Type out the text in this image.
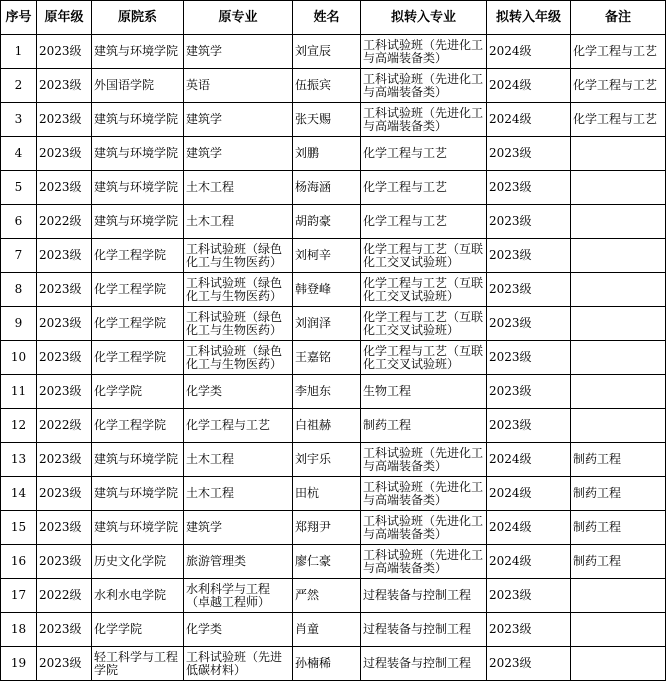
序号	原年级	原院系	原专业	姓名	拟转入专业	拟转入年级	备注
1	2023级	建筑与环境学院	建筑学	刘宣辰	工科试验班（先进化工与高端装备类）	2024级	化学工程与工艺
2	2023级	外国语学院	英语	伍振宾	工科试验班（先进化工与高端装备类）	2024级	化学工程与工艺
3	2023级	建筑与环境学院	建筑学	张天赐	工科试验班（先进化工与高端装备类）	2024级	化学工程与工艺
4	2023级	建筑与环境学院	建筑学	刘鹏	化学工程与工艺	2023级	
5	2023级	建筑与环境学院	土木工程	杨海涵	化学工程与工艺	2023级	
6	2022级	建筑与环境学院	土木工程	胡韵豪	化学工程与工艺	2023级	
7	2023级	化学工程学院	工科试验班（绿色化工与生物医药）	刘柯辛	化学工程与工艺（互联化工交叉试验班）	2023级	
8	2023级	化学工程学院	工科试验班（绿色化工与生物医药）	韩登峰	化学工程与工艺（互联化工交叉试验班）	2023级	
9	2023级	化学工程学院	工科试验班（绿色化工与生物医药）	刘润泽	化学工程与工艺（互联化工交叉试验班）	2023级	
10	2023级	化学工程学院	工科试验班（绿色化工与生物医药）	王嘉铭	化学工程与工艺（互联化工交叉试验班）	2023级	
11	2023级	化学学院	化学类	李旭东	生物工程	2023级	
12	2022级	化学工程学院	化学工程与工艺	白祖赫	制药工程	2023级	
13	2023级	建筑与环境学院	土木工程	刘宇乐	工科试验班（先进化工与高端装备类）	2024级	制药工程
14	2023级	建筑与环境学院	土木工程	田杭	工科试验班（先进化工与高端装备类）	2024级	制药工程
15	2023级	建筑与环境学院	建筑学	郑翔尹	工科试验班（先进化工与高端装备类）	2024级	制药工程
16	2023级	历史文化学院	旅游管理类	廖仁豪	工科试验班（先进化工与高端装备类）	2024级	制药工程
17	2022级	水利水电学院	水利科学与工程（卓越工程师）	严然	过程装备与控制工程	2023级	
18	2023级	化学学院	化学类	肖童	过程装备与控制工程	2023级	
19	2023级	轻工科学与工程学院	工科试验班（先进低碳材料）	孙楠稀	过程装备与控制工程	2023级	
